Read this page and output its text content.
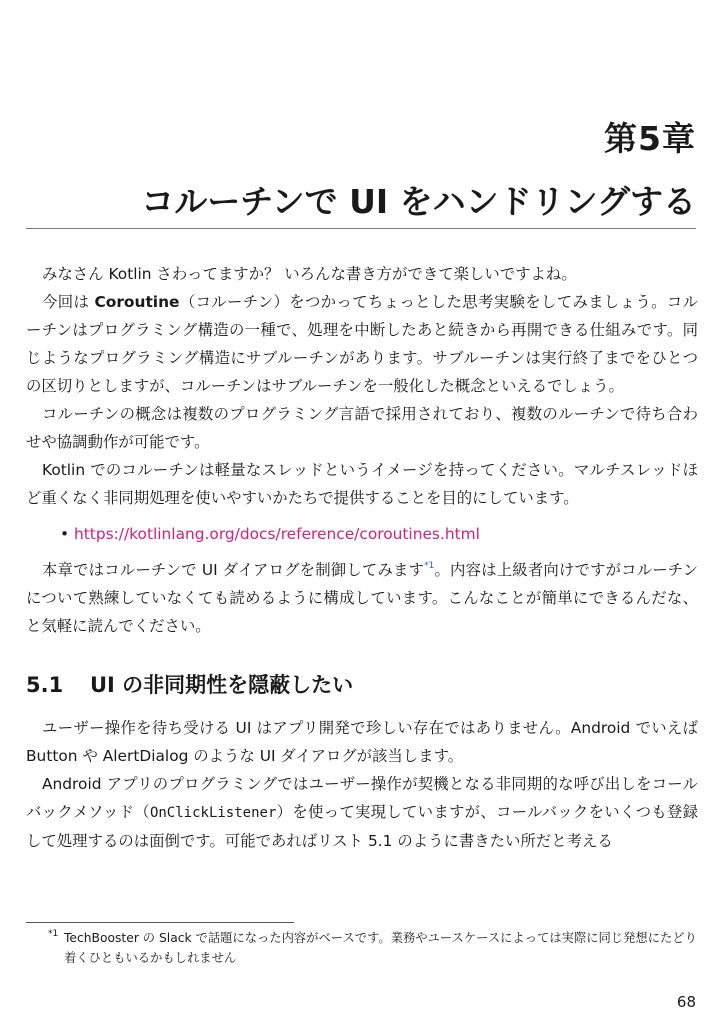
第5章
コルーチンで UI をハンドリングする

みなさん Kotlin さわってますか？ いろんな書き方ができて楽しいですよね。

今回は Coroutine（コルーチン）をつかってちょっとした思考実験をしてみましょう。コルーチンはプログラミング構造の一種で、処理を中断したあと続きから再開できる仕組みです。同じようなプログラミング構造にサブルーチンがあります。サブルーチンは実行終了までをひとつの区切りとしますが、コルーチンはサブルーチンを一般化した概念といえるでしょう。

コルーチンの概念は複数のプログラミング言語で採用されており、複数のルーチンで待ち合わせや協調動作が可能です。

Kotlin でのコルーチンは軽量なスレッドというイメージを持ってください。マルチスレッドほど重くなく非同期処理を使いやすいかたちで提供することを目的にしています。

• https://kotlinlang.org/docs/reference/coroutines.html

本章ではコルーチンで UI ダイアログを制御してみます$^{*1}$。内容は上級者向けですがコルーチンについて熟練していなくても読めるように構成しています。こんなことが簡単にできるんだな、と気軽に読んでください。

5.1 UI の非同期性を隠蔽したい

ユーザー操作を待ち受ける UI はアプリ開発で珍しい存在ではありません。Android でいえば Button や AlertDialog のような UI ダイアログが該当します。

Android アプリのプログラミングではユーザー操作が契機となる非同期的な呼び出しをコールバックメソッド（OnClickListener）を使って実現していますが、コールバックをいくつも登録して処理するのは面倒です。可能であればリスト 5.1 のように書きたい所だと考える

*1 TechBooster の Slack で話題になった内容がベースです。業務やユースケースによっては実際に同じ発想にたどり着くひともいるかもしれません
68
